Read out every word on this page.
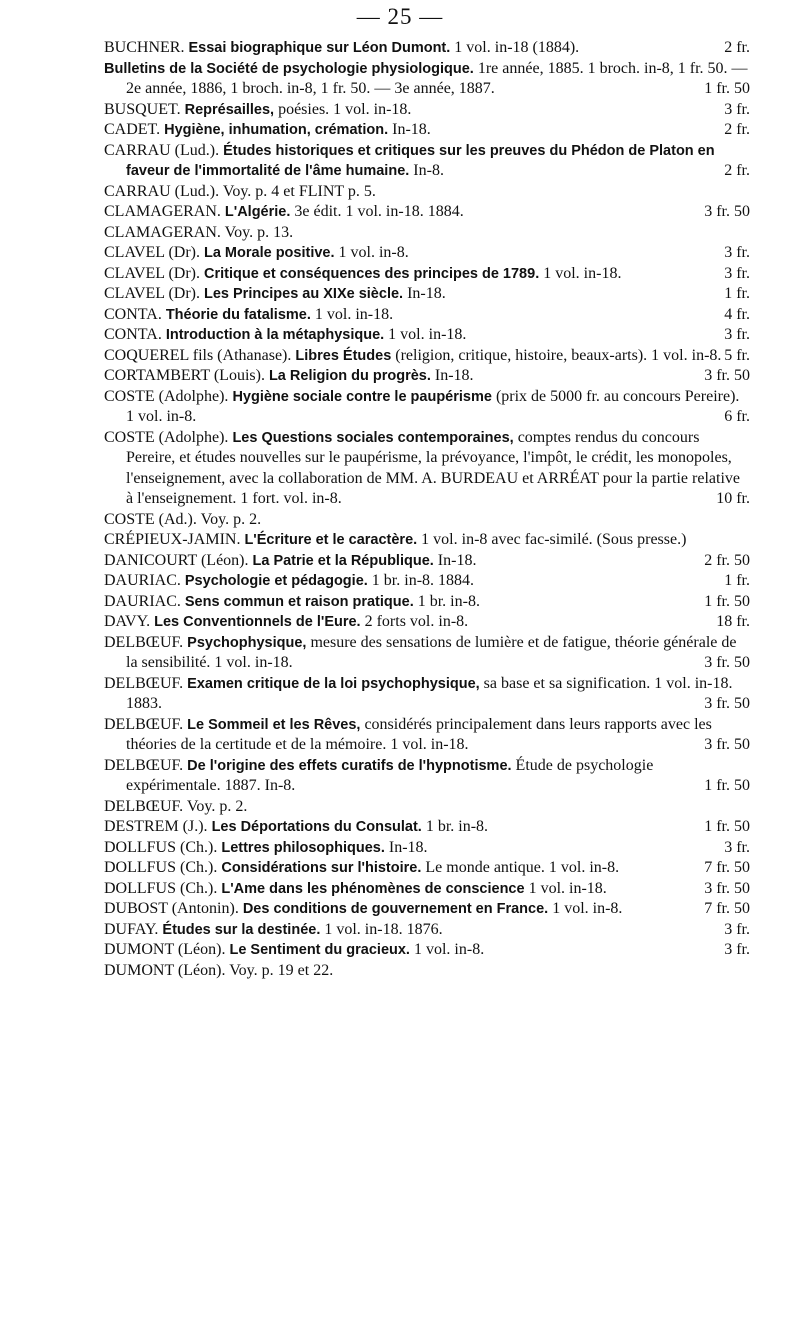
— 25 —

BUCHNER. Essai biographique sur Léon Dumont. 1 vol. in-18 (1884).	2 fr.

Bulletins de la Société de psychologie physiologique. 1re année, 1885. 1 broch. in-8, 1 fr. 50. — 2e année, 1886, 1 broch. in-8, 1 fr. 50. — 3e année, 1887.	1 fr. 50

BUSQUET. Représailles, poésies. 1 vol. in-18.	3 fr.

CADET. Hygiène, inhumation, crémation. In-18.	2 fr.

CARRAU (Lud.). Études historiques et critiques sur les preuves du Phédon de Platon en faveur de l'immortalité de l'âme humaine. In-8.	2 fr.

CARRAU (Lud.). Voy. p. 4 et FLINT p. 5.

CLAMAGERAN. L'Algérie. 3e édit. 1 vol. in-18. 1884.	3 fr. 50

CLAMAGERAN. Voy. p. 13.

CLAVEL (Dr). La Morale positive. 1 vol. in-8.	3 fr.

CLAVEL (Dr). Critique et conséquences des principes de 1789. 1 vol. in-18.	3 fr.

CLAVEL (Dr). Les Principes au XIXe siècle. In-18.	1 fr.

CONTA. Théorie du fatalisme. 1 vol. in-18.	4 fr.

CONTA. Introduction à la métaphysique. 1 vol. in-18.	3 fr.

COQUEREL fils (Athanase). Libres Études (religion, critique, histoire, beaux-arts). 1 vol. in-8. 5 fr.

CORTAMBERT (Louis). La Religion du progrès. In-18.	3 fr. 50

COSTE (Adolphe). Hygiène sociale contre le paupérisme (prix de 5000 fr. au concours Pereire). 1 vol. in-8.	6 fr.

COSTE (Adolphe). Les Questions sociales contemporaines, comptes rendus du concours Pereire, et études nouvelles sur le paupérisme, la prévoyance, l'impôt, le crédit, les monopoles, l'enseignement, avec la collaboration de MM. A. BURDEAU et ARRÉAT pour la partie relative à l'enseignement. 1 fort. vol. in-8.	10 fr.

COSTE (Ad.). Voy. p. 2.

CRÉPIEUX-JAMIN. L'Écriture et le caractère. 1 vol. in-8 avec fac-similé. (Sous presse.)

DANICOURT (Léon). La Patrie et la République. In-18.	2 fr. 50

DAURIAC. Psychologie et pédagogie. 1 br. in-8. 1884.	1 fr.

DAURIAC. Sens commun et raison pratique. 1 br. in-8.	1 fr. 50

DAVY. Les Conventionnels de l'Eure. 2 forts vol. in-8.	18 fr.

DELBŒUF. Psychophysique, mesure des sensations de lumière et de fatigue, théorie générale de la sensibilité. 1 vol. in-18.	3 fr. 50

DELBŒUF. Examen critique de la loi psychophysique, sa base et sa signification. 1 vol. in-18. 1883.	3 fr. 50

DELBŒUF. Le Sommeil et les Rêves, considérés principalement dans leurs rapports avec les théories de la certitude et de la mémoire. 1 vol. in-18.	3 fr. 50

DELBŒUF. De l'origine des effets curatifs de l'hypnotisme. Étude de psychologie expérimentale. 1887. In-8.	1 fr. 50

DELBŒUF. Voy. p. 2.

DESTREM (J.). Les Déportations du Consulat. 1 br. in-8.	1 fr. 50

DOLLFUS (Ch.). Lettres philosophiques. In-18.	3 fr.

DOLLFUS (Ch.). Considérations sur l'histoire. Le monde antique. 1 vol. in-8.	7 fr. 50

DOLLFUS (Ch.). L'Ame dans les phénomènes de conscience 1 vol. in-18.	3 fr. 50

DUBOST (Antonin). Des conditions de gouvernement en France. 1 vol. in-8.	7 fr. 50

DUFAY. Études sur la destinée. 1 vol. in-18. 1876.	3 fr.

DUMONT (Léon). Le Sentiment du gracieux. 1 vol. in-8.	3 fr.

DUMONT (Léon). Voy. p. 19 et 22.
